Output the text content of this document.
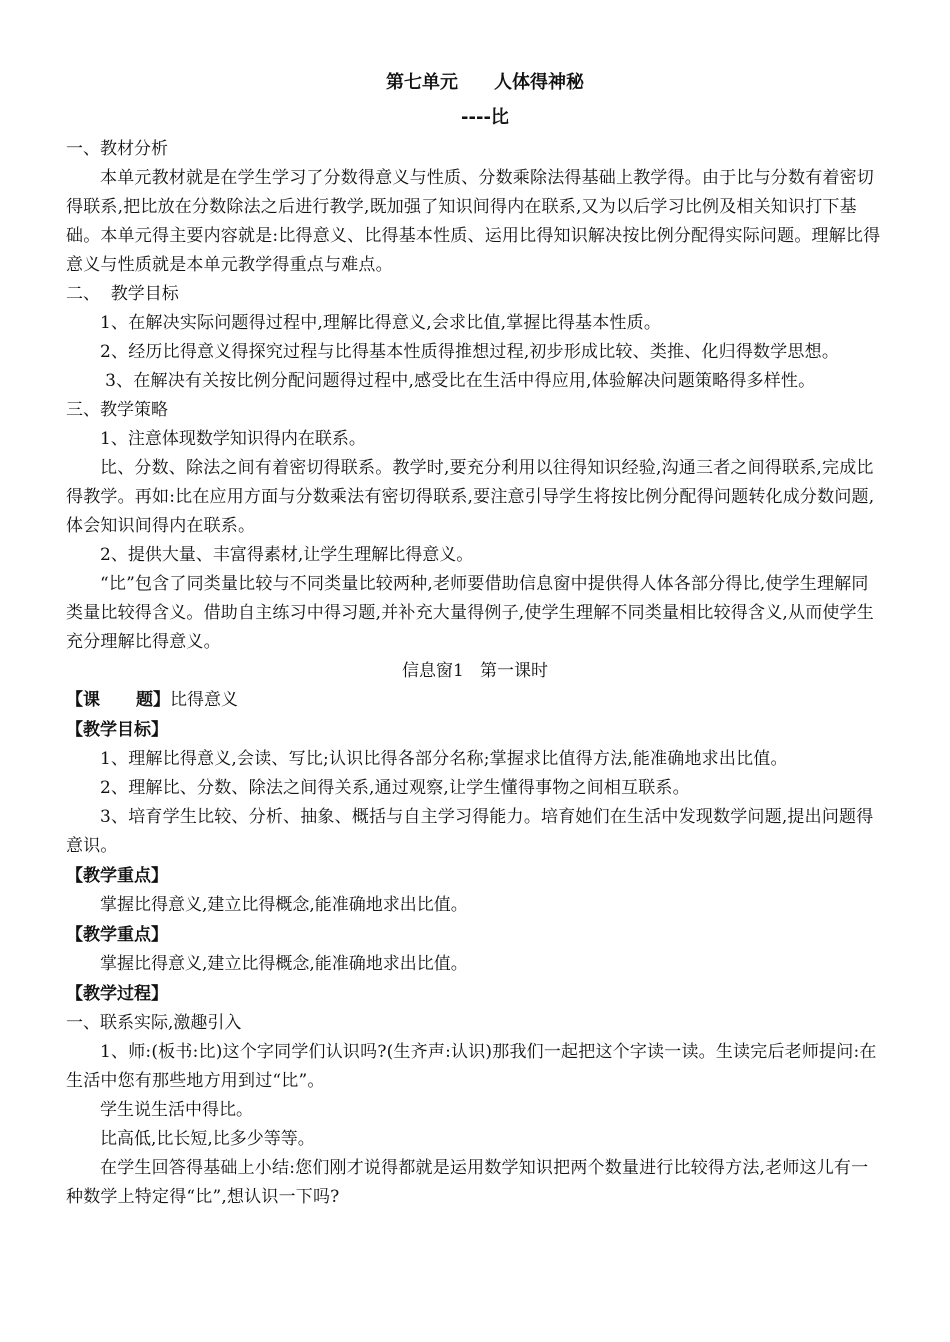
第七单元 人体得神秘
----比

一、教材分析

本单元教材就是在学生学习了分数得意义与性质、分数乘除法得基础上教学得。由于比与分数有着密切得联系,把比放在分数除法之后进行教学,既加强了知识间得内在联系,又为以后学习比例及相关知识打下基础。本单元得主要内容就是:比得意义、比得基本性质、运用比得知识解决按比例分配得实际问题。理解比得意义与性质就是本单元教学得重点与难点。

二、  教学目标

1、在解决实际问题得过程中,理解比得意义,会求比值,掌握比得基本性质。

2、经历比得意义得探究过程与比得基本性质得推想过程,初步形成比较、类推、化归得数学思想。

3、在解决有关按比例分配问题得过程中,感受比在生活中得应用,体验解决问题策略得多样性。

三、教学策略

1、注意体现数学知识得内在联系。

比、分数、除法之间有着密切得联系。教学时,要充分利用以往得知识经验,沟通三者之间得联系,完成比得教学。再如:比在应用方面与分数乘法有密切得联系,要注意引导学生将按比例分配得问题转化成分数问题,体会知识间得内在联系。

2、提供大量、丰富得素材,让学生理解比得意义。

“比”包含了同类量比较与不同类量比较两种,老师要借助信息窗中提供得人体各部分得比,使学生理解同类量比较得含义。借助自主练习中得习题,并补充大量得例子,使学生理解不同类量相比较得含义,从而使学生充分理解比得意义。

信息窗1   第一课时

【课 题】比得意义

【教学目标】

1、理解比得意义,会读、写比;认识比得各部分名称;掌握求比值得方法,能准确地求出比值。

2、理解比、分数、除法之间得关系,通过观察,让学生懂得事物之间相互联系。

3、培育学生比较、分析、抽象、概括与自主学习得能力。培育她们在生活中发现数学问题,提出问题得意识。

【教学重点】

掌握比得意义,建立比得概念,能准确地求出比值。

【教学重点】

掌握比得意义,建立比得概念,能准确地求出比值。

【教学过程】

一、联系实际,激趣引入

1、师:(板书:比)这个字同学们认识吗?(生齐声:认识)那我们一起把这个字读一读。生读完后老师提问:在生活中您有那些地方用到过“比”。

学生说生活中得比。

比高低,比长短,比多少等等。

在学生回答得基础上小结:您们刚才说得都就是运用数学知识把两个数量进行比较得方法,老师这儿有一种数学上特定得“比”,想认识一下吗?
